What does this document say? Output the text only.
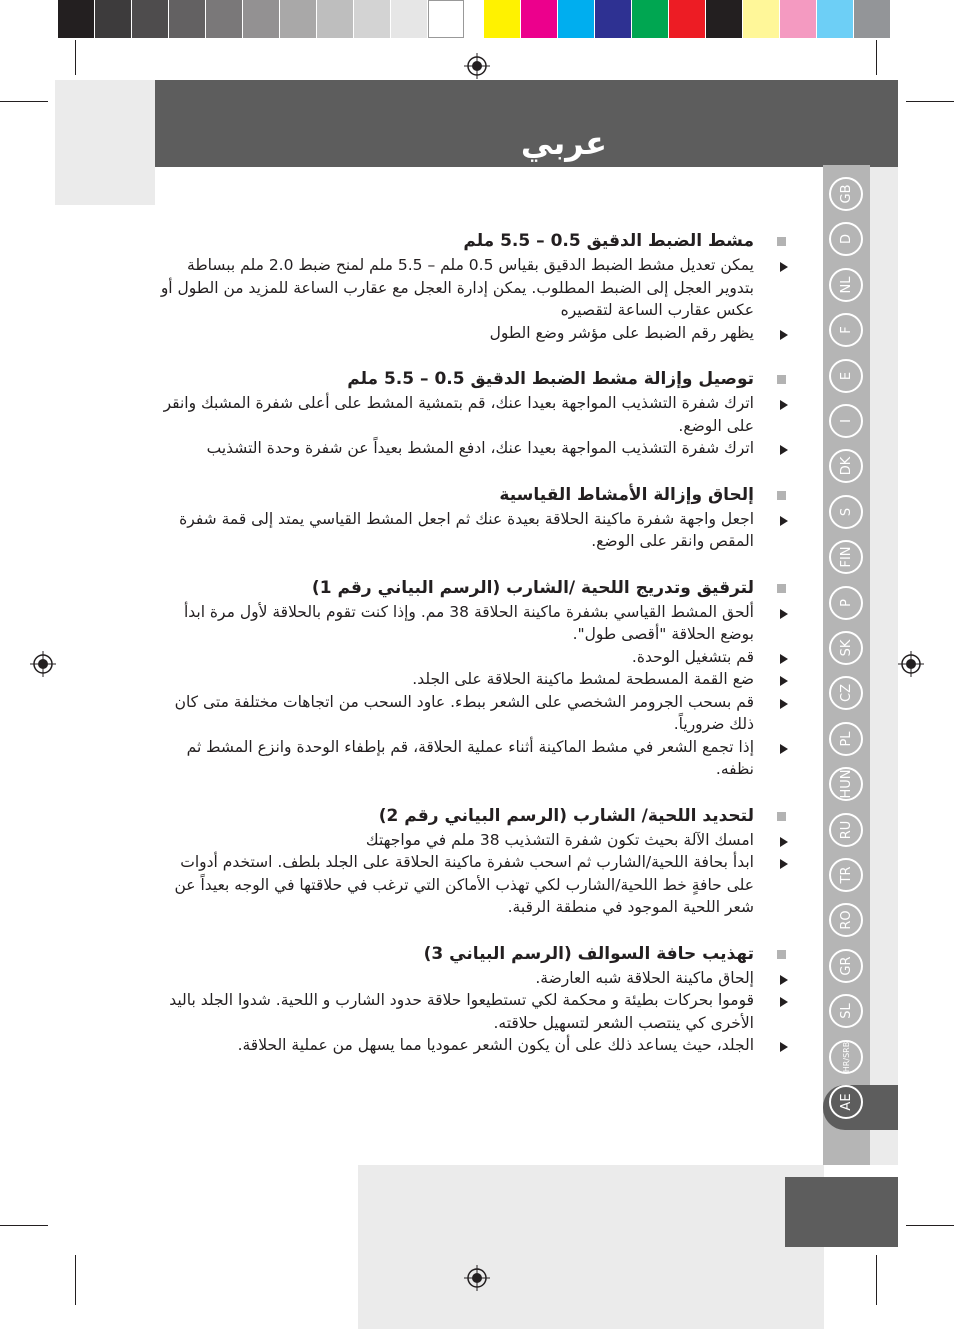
عربي
GB
D
NL
F
E
I
DK
S
FIN
P
SK
CZ
PL
HUN
RU
TR
RO
GR
SL
HR/SRB
AE
مشط الضبط الدقيق 0.5 – 5.5 ملم
يمكن تعديل مشط الضبط الدقيق بقياس 0.5 ملم – 5.5 ملم لمنح ضبط 2.0 ملم ببساطة بتدوير العجل إلى الضبط المطلوب. يمكن إدارة العجل مع عقارب الساعة للمزيد من الطول أو عكس عقارب الساعة لتقصيره
يظهر رقم الضبط على مؤشر وضع الطول
توصيل وإزالة مشط الضبط الدقيق 0.5 – 5.5 ملم
اترك شفرة التشذيب المواجهة بعيدا عنك، قم بتمشية المشط على أعلى شفرة المشبك وانقر على الوضع.
اترك شفرة التشذيب المواجهة بعيدا عنك، ادفع المشط بعيداً عن شفرة وحدة التشذيب
إلحاق وإزالة الأمشاط القياسية
اجعل واجهة شفرة ماكينة الحلاقة بعيدة عنك ثم اجعل المشط القياسي يمتد إلى قمة شفرة المقص وانقر على الوضع.
لترقيق وتدريج اللحية /الشارب (الرسم البياني رقم 1)
ألحق المشط القياسي بشفرة ماكينة الحلاقة 38 مم. وإذا كنت تقوم بالحلاقة لأول مرة ابدأ بوضع الحلاقة "أقصى طول".
قم بتشغيل الوحدة.
ضع القمة المسطحة لمشط ماكينة الحلاقة على الجلد.
قم بسحب الجرومر الشخصي على الشعر ببطء. عاود السحب من اتجاهات مختلفة متى كان ذلك ضرورياً.
إذا تجمع الشعر في مشط الماكينة أثناء عملية الحلاقة، قم بإطفاء الوحدة وانزع المشط ثم نظفه.
لتحديد اللحية/ الشارب (الرسم البياني رقم 2)
امسك الآلة بحيث تكون شفرة التشذيب 38 ملم في مواجهتك
ابدأ بحافة اللحية/الشارب ثم اسحب شفرة ماكينة الحلاقة على الجلد بلطف. استخدم أدوات على حافةٍ خط اللحية/الشارب لكي تهذب الأماكن التي ترغب في حلاقتها في الوجه بعيداً عن شعر اللحية الموجود في منطقة الرقبة.
تهذيب حافة السوالف (الرسم البياني 3)
إلحاق ماكينة الحلاقة شبه العارضة.
قوموا بحركات بطيئة و محكمة لكي تستطيعوا حلاقة حدود الشارب و اللحية. شدوا الجلد باليد الأخرى كي ينتصب الشعر لتسهيل حلاقته.
الجلد، حيث يساعد ذلك على أن يكون الشعر عموديا مما يسهل من عملية الحلاقة.
